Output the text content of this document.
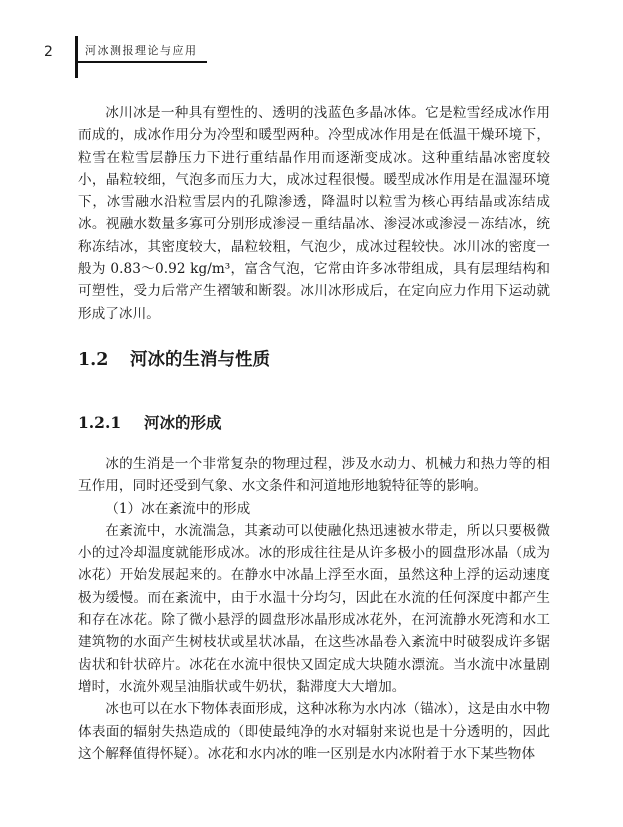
2	河冰测报理论与应用

冰川冰是一种具有塑性的、透明的浅蓝色多晶冰体。它是粒雪经成冰作用而成的，成冰作用分为冷型和暖型两种。冷型成冰作用是在低温干燥环境下，粒雪在粒雪层静压力下进行重结晶作用而逐渐变成冰。这种重结晶冰密度较小，晶粒较细，气泡多而压力大，成冰过程很慢。暖型成冰作用是在温湿环境下，冰雪融水沿粒雪层内的孔隙渗透，降温时以粒雪为核心再结晶或冻结成冰。视融水数量多寡可分别形成渗浸－重结晶冰、渗浸冰或渗浸－冻结冰，统称冻结冰，其密度较大，晶粒较粗，气泡少，成冰过程较快。冰川冰的密度一般为 0.83～0.92 kg/m³，富含气泡，它常由许多冰带组成，具有层理结构和可塑性，受力后常产生褶皱和断裂。冰川冰形成后，在定向应力作用下运动就形成了冰川。

1.2 河冰的生消与性质
1.2.1 河冰的形成

冰的生消是一个非常复杂的物理过程，涉及水动力、机械力和热力等的相互作用，同时还受到气象、水文条件和河道地形地貌特征等的影响。

（1）冰在紊流中的形成

在紊流中，水流湍急，其紊动可以使融化热迅速被水带走，所以只要极微小的过冷却温度就能形成冰。冰的形成往往是从许多极小的圆盘形冰晶（成为冰花）开始发展起来的。在静水中冰晶上浮至水面，虽然这种上浮的运动速度极为缓慢。而在紊流中，由于水温十分均匀，因此在水流的任何深度中都产生和存在冰花。除了微小悬浮的圆盘形冰晶形成冰花外，在河流静水死湾和水工建筑物的水面产生树枝状或星状冰晶，在这些冰晶卷入紊流中时破裂成许多锯齿状和针状碎片。冰花在水流中很快又固定成大块随水漂流。当水流中冰量剧增时，水流外观呈油脂状或牛奶状，黏滞度大大增加。

冰也可以在水下物体表面形成，这种冰称为水内冰（锚冰），这是由水中物体表面的辐射失热造成的（即使最纯净的水对辐射来说也是十分透明的，因此这个解释值得怀疑）。冰花和水内冰的唯一区别是水内冰附着于水下某些物体
